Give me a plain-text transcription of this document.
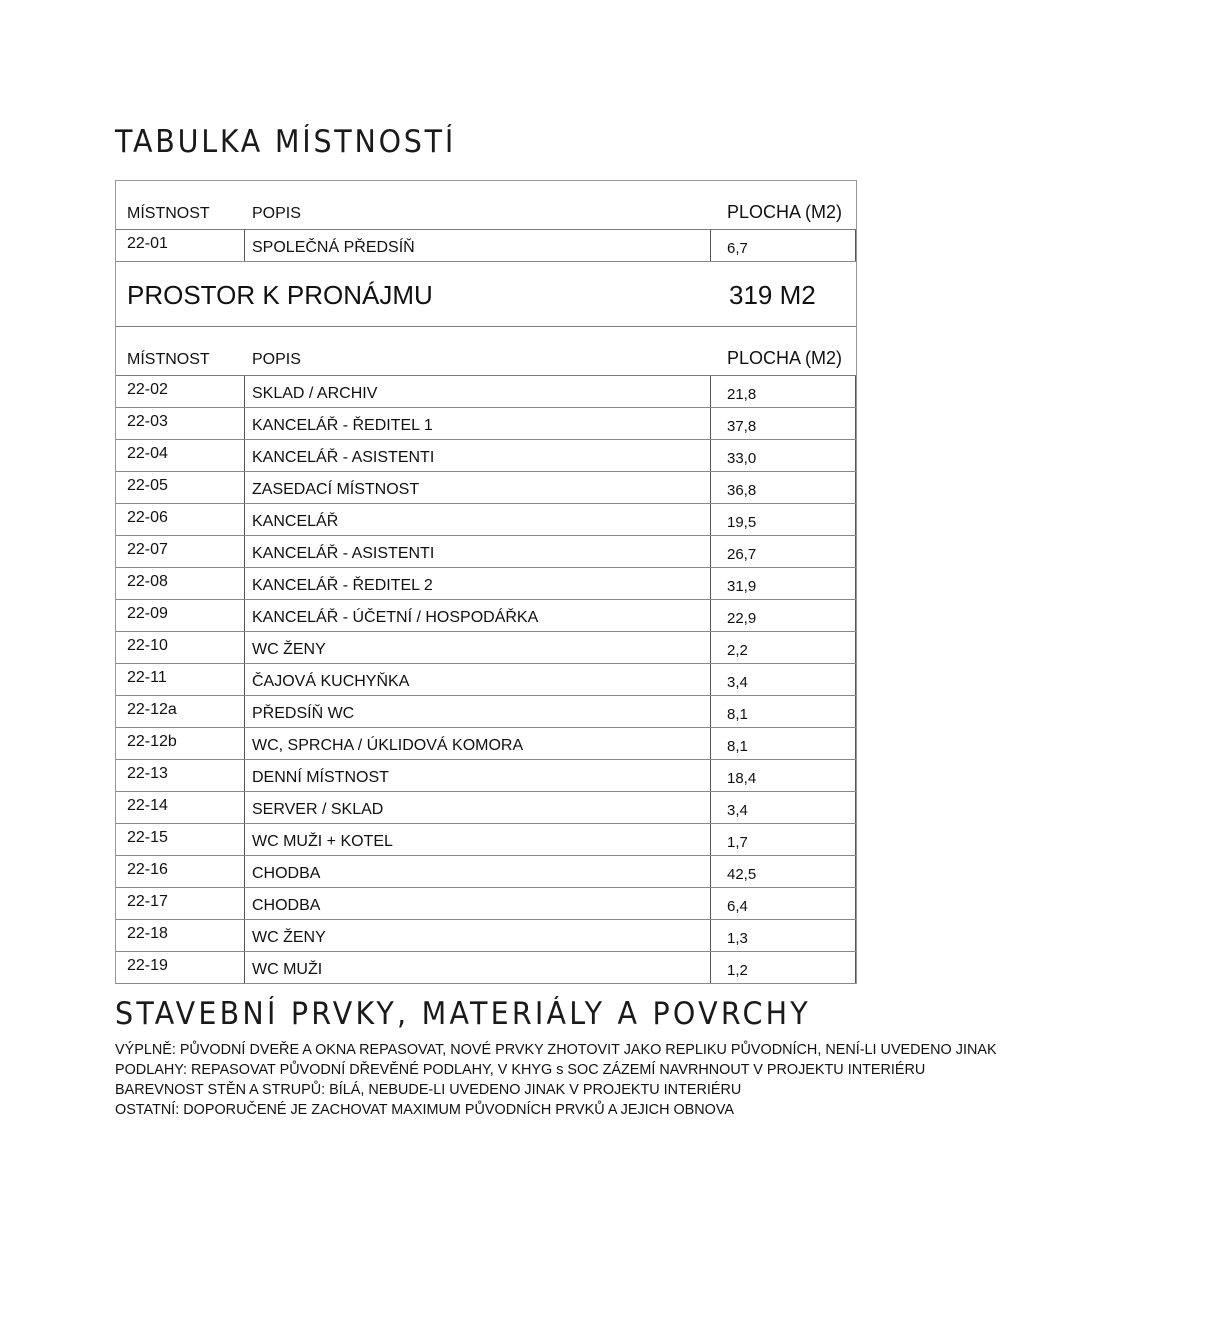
TABULKA MÍSTNOSTÍ
MÍSTNOST	POPIS	PLOCHA (M2)
22-01	SPOLEČNÁ PŘEDSÍŇ	6,7
PROSTOR K PRONÁJMU	319 M2
MÍSTNOST	POPIS	PLOCHA (M2)
22-02	SKLAD / ARCHIV	21,8
22-03	KANCELÁŘ - ŘEDITEL 1	37,8
22-04	KANCELÁŘ - ASISTENTI	33,0
22-05	ZASEDACÍ MÍSTNOST	36,8
22-06	KANCELÁŘ	19,5
22-07	KANCELÁŘ - ASISTENTI	26,7
22-08	KANCELÁŘ - ŘEDITEL 2	31,9
22-09	KANCELÁŘ - ÚČETNÍ / HOSPODÁŘKA	22,9
22-10	WC ŽENY	2,2
22-11	ČAJOVÁ KUCHYŇKA	3,4
22-12a	PŘEDSÍŇ WC	8,1
22-12b	WC, SPRCHA / ÚKLIDOVÁ KOMORA	8,1
22-13	DENNÍ MÍSTNOST	18,4
22-14	SERVER / SKLAD	3,4
22-15	WC MUŽI + KOTEL	1,7
22-16	CHODBA	42,5
22-17	CHODBA	6,4
22-18	WC ŽENY	1,3
22-19	WC MUŽI	1,2
STAVEBNÍ PRVKY, MATERIÁLY A POVRCHY
VÝPLNĚ: PŮVODNÍ DVEŘE A OKNA REPASOVAT, NOVÉ PRVKY ZHOTOVIT JAKO REPLIKU PŮVODNÍCH, NENÍ-LI UVEDENO JINAK
PODLAHY: REPASOVAT PŮVODNÍ DŘEVĚNÉ PODLAHY, V KHYG s SOC ZÁZEMÍ NAVRHNOUT V PROJEKTU INTERIÉRU
BAREVNOST STĚN A STRUPŮ: BÍLÁ, NEBUDE-LI UVEDENO JINAK V PROJEKTU INTERIÉRU
OSTATNÍ: DOPORUČENÉ JE ZACHOVAT MAXIMUM PŮVODNÍCH PRVKŮ A JEJICH OBNOVA
